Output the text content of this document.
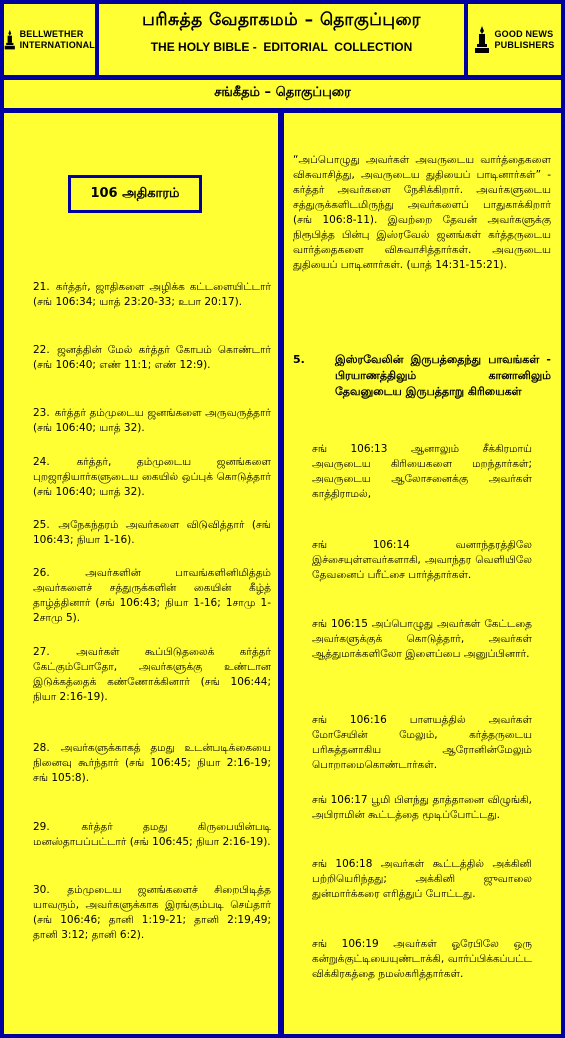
BELLWETHER
INTERNATIONAL
பரிசுத்த வேதாகமம் – தொகுப்புரை
THE HOLY BIBLE -  EDITORIAL  COLLECTION
GOOD NEWS
PUBLISHERS
சங்கீதம் – தொகுப்புரை
106 அதிகாரம்
21. கர்த்தர், ஜாதிகளை அழிக்க கட்டளையிட்டார் (சங் 106:34; யாத் 23:20-33; உபா 20:17).
22. ஜனத்தின் மேல் கர்த்தர் கோபம் கொண்டார் (சங் 106:40; எண் 11:1; எண் 12:9).
23. கர்த்தர் தம்முடைய ஜனங்களை அருவருத்தார் (சங் 106:40; யாத் 32).
24.	கர்த்தர், தம்முடைய ஜனங்களை புறஜாதியார்களுடைய கையில் ஒப்புக் கொடுத்தார் (சங் 106:40; யாத் 32).
25. அநேகந்தரம் அவர்களை விடுவித்தார் (சங் 106:43; நியா 1-16).
26.	அவர்களின் பாவங்களினிமித்தம் அவர்களைச் சத்துருக்களின் கையின் கீழ்த் தாழ்த்தினார் (சங் 106:43; நியா 1-16; 1சாமு 1-2சாமு 5).
27.	அவர்கள் கூப்பிடுதலைக் கர்த்தர் கேட்கும்போதோ, அவர்களுக்கு உண்டான இடுக்கத்தைக் கண்ணோக்கினார் (சங் 106:44; நியா 2:16-19).
28. அவர்களுக்காகத் தமது உடன்படிக்கையை நினைவு கூர்ந்தார் (சங் 106:45; நியா 2:16-19; சங் 105:8).
29.	கர்த்தர் தமது கிருபையின்படி மனஸ்தாபப்பட்டார் (சங் 106:45; நியா 2:16-19).
30. தம்முடைய ஜனங்களைச் சிறைபிடித்த யாவரும், அவர்களுக்காக இரங்கும்படி செய்தார் (சங் 106:46; தானி 1:19-21; தானி 2:19,49; தானி 3:12; தானி 6:2).
“அப்பொழுது அவர்கள் அவருடைய வார்த்தைகளை விசுவாசித்து, அவருடைய துதியைப் பாடினார்கள்” - கர்த்தர் அவர்களை நேசிக்கிறார். அவர்களுடைய சத்துருக்களிடமிருந்து அவர்களைப் பாதுகாக்கிறார் (சங் 106:8-11). இவற்றை தேவன் அவர்களுக்கு நிரூபித்த பின்பு இஸ்ரவேல் ஜனங்கள் கர்த்தருடைய வார்த்தைகளை விசுவாசித்தார்கள். அவருடைய துதியைப் பாடினார்கள். (யாத் 14:31-15:21).
5.	இஸ்ரவேலின் இருபத்தைந்து பாவங்கள் - பிரயாணத்திலும் கானானிலும் தேவனுடைய இருபத்தாறு கிரியைகள்
சங் 106:13 ஆனாலும் சீக்கிரமாய் அவருடைய கிரியைகளை மறந்தார்கள்; அவருடைய ஆலோசனைக்கு அவர்கள் காத்திராமல்,
சங் 106:14 வனாந்தரத்திலே இச்சையுள்ளவர்களாகி, அவாந்தர வெளியிலே தேவனைப் பரீட்சை பார்த்தார்கள்.
சங் 106:15 அப்பொழுது அவர்கள் கேட்டதை அவர்களுக்குக் கொடுத்தார், அவர்கள் ஆத்துமாக்களிலோ இளைப்பை அனுப்பினார்.
சங் 106:16 பாளயத்தில் அவர்கள் மோசேயின் மேலும், கர்த்தருடைய பரிசுத்தனாகிய ஆரோனின்மேலும் பொறாமைகொண்டார்கள்.
சங் 106:17 பூமி பிளந்து தாத்தானை விழுங்கி, அபிராமின் கூட்டத்தை மூடிப்போட்டது.
சங் 106:18 அவர்கள் கூட்டத்தில் அக்கினி பற்றியெரிந்தது; அக்கினி ஜுவாலை துன்மார்க்கரை எரித்துப் போட்டது.
சங் 106:19 அவர்கள் ஓரேபிலே ஒரு கன்றுக்குட்டியையுண்டாக்கி, வார்ப்பிக்கப்பட்ட விக்கிரகத்தை நமஸ்கரித்தார்கள்.
